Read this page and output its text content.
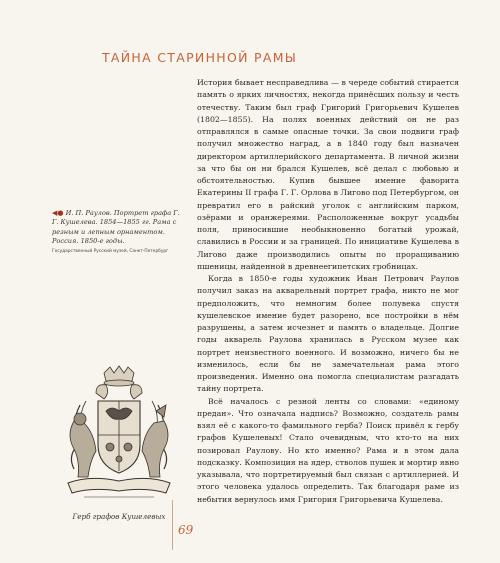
ТАЙНА СТАРИННОЙ РАМЫ

История бывает несправедлива — в череде событий стирается память о ярких личностях, некогда принёсших пользу и честь отечеству. Таким был граф Григорий Григорьевич Кушелев (1802—1855). На полях военных действий он не раз отправлялся в самые опасные точки. За свои подвиги граф получил множество наград, а в 1840 году был назначен директором артиллерийского департамента. В личной жизни за что бы он ни брался Кушелев, всё делал с любовью и обстоятельностью. Купив бывшее имение фаворита Екатерины II графа Г. Г. Орлова в Лигово под Петербургом, он превратил его в райский уголок с английским парком, озёрами и оранжереями. Расположенные вокруг усадьбы поля, приносившие необыкновенно богатый урожай, славились в России и за границей. По инициативе Кушелева в Лигово даже производились опыты по проращиванию пшеницы, найденной в древнеегипетских гробницах.

Когда в 1850-е годы художник Иван Петрович Раулов получил заказ на акварельный портрет графа, никто не мог предположить, что немногим более полувека спустя кушелевское имение будет разорено, все постройки в нём разрушены, а затем исчезнет и память о владельце. Долгие годы акварель Раулова хранилась в Русском музее как портрет неизвестного военного. И возможно, ничего бы не изменилось, если бы не замечательная рама этого произведения. Именно она помогла специалистам разгадать тайну портрета.

Всё началось с резной ленты со словами: «единому предан». Что означала надпись? Возможно, создатель рамы взял её с какого-то фамильного герба? Поиск привёл к гербу графов Кушелевых! Стало очевидным, что кто-то на них позировал Раулову. Но кто именно? Рама и в этом дала подсказку. Композиция на ядер, стволов пушек и мортир явно указывала, что портретируемый был связан с артиллерией. И этого человека удалось определить. Так благодаря раме из небытия вернулось имя Григория Григорьевича Кушелева.

◀● И. П. Раулов. Портрет графа Г. Г. Кушелева. 1854—1855 гг. Рама с резным и лепным орнаментом. Россия. 1850-е годы.
Государственный Русский музей, Санкт-Петербург
Герб графов Кушелевых
69
